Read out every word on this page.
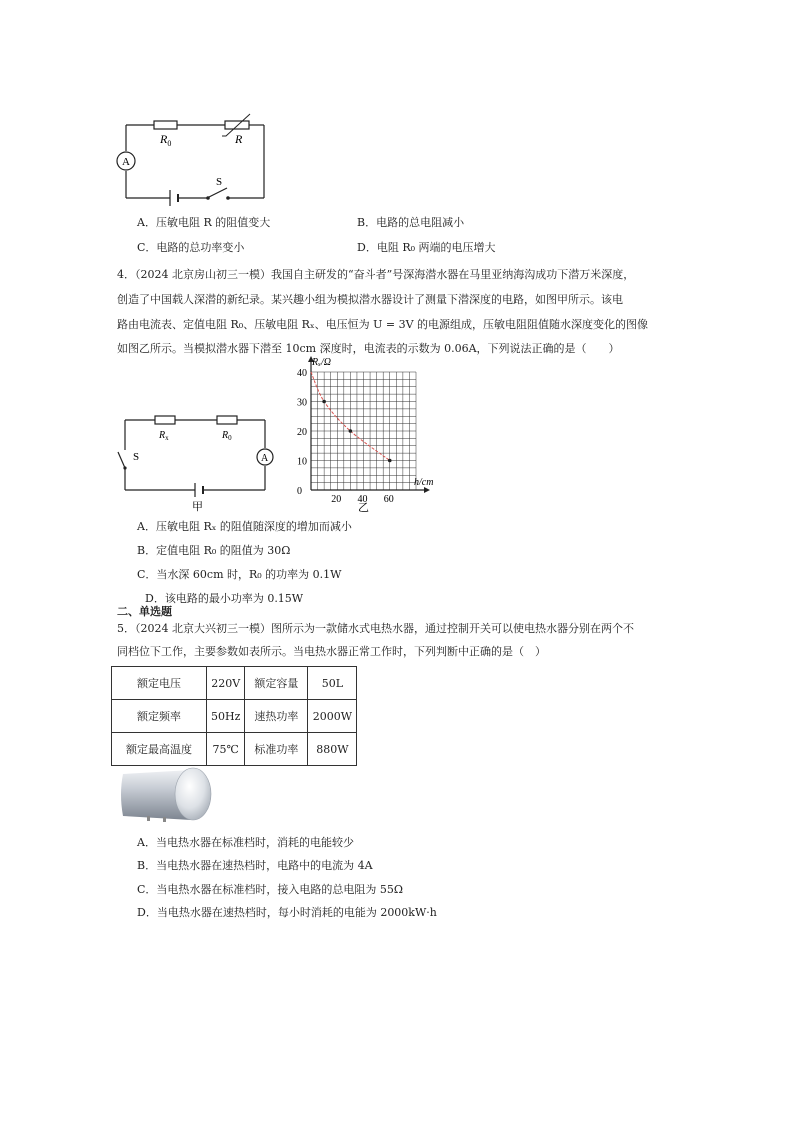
A
S
$R_0$	R
A．压敏电阻 R 的阻值变大	B．电路的总电阻减小
C．电路的总功率变小	D．电阻 R₀ 两端的电压增大
4．（2024 北京房山初三一模）我国自主研发的“奋斗者”号深海潜水器在马里亚纳海沟成功下潜万米深度，
创造了中国载人深潜的新纪录。某兴趣小组为模拟潜水器设计了测量下潜深度的电路，如图甲所示。该电
路由电流表、定值电阻 R₀、压敏电阻 Rₓ、电压恒为 U = 3V 的电源组成，压敏电阻阻值随水深度变化的图像
如图乙所示。当模拟潜水器下潜至 10cm 深度时，电流表的示数为 0.06A，下列说法正确的是（　　）
A
S
$R_x$	$R_0$
甲
20 40 60
0
10
20
30
40
Rₓ/Ω
h/cm
乙
A．压敏电阻 Rₓ 的阻值随深度的增加而减小
B．定值电阻 R₀ 的阻值为 30Ω
C．当水深 60cm 时，R₀ 的功率为 0.1W
D．该电路的最小功率为 0.15W
二、单选题
5．（2024 北京大兴初三一模）图所示为一款储水式电热水器，通过控制开关可以使电热水器分别在两个不
同档位下工作，主要参数如表所示。当电热水器正常工作时，下列判断中正确的是（　）
额定电压	220V	额定容量	50L
额定频率	50Hz	速热功率	2000W
额定最高温度	75℃	标准功率	880W
A．当电热水器在标准档时，消耗的电能较少
B．当电热水器在速热档时，电路中的电流为 4A
C．当电热水器在标准档时，接入电路的总电阻为 55Ω
D．当电热水器在速热档时，每小时消耗的电能为 2000kW·h
